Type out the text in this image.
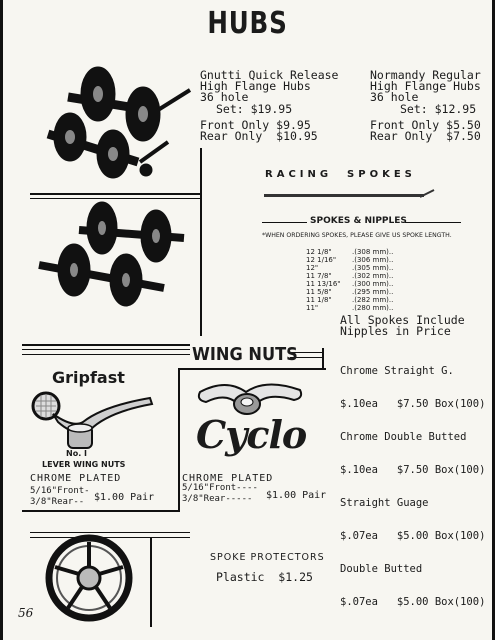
HUBS
Gnutti Quick Release
High Flange Hubs
36 hole
Set: $19.95
Front Only $9.95
Rear Only  $10.95
Normandy Regular
High Flange Hubs
36 hole
Set: $12.95
Front Only $5.50
Rear Only  $7.50
RACING  SPOKES
SPOKES & NIPPLES
*WHEN ORDERING SPOKES, PLEASE GIVE US SPOKE LENGTH.
12 1/8"	.(308 mm)..
12 1/16" .(306 mm)..
12"	.(305 mm)..
11 7/8"	.(302 mm)..
11 13/16" .(300 mm)..
11 5/8"	.(295 mm)..
11 1/8"	.(282 mm)..
11"	.(280 mm)..
All Spokes Include
Nipples in Price

Chrome Straight G.

$.10ea   $7.50 Box(100)

Chrome Double Butted

$.10ea   $7.50 Box(100)

Straight Guage

$.07ea   $5.00 Box(100)

Double Butted

$.07ea   $5.00 Box(100)

WING NUTS
Gripfast
No. I
LEVER WING NUTS
CHROME PLATED
5/16"Front-
3/8"Rear-- $1.00 Pair
Cyclo
CHROME PLATED
5/16"Front----
3/8"Rear----- $1.00 Pair
SPOKE PROTECTORS
Plastic  $1.25
56
